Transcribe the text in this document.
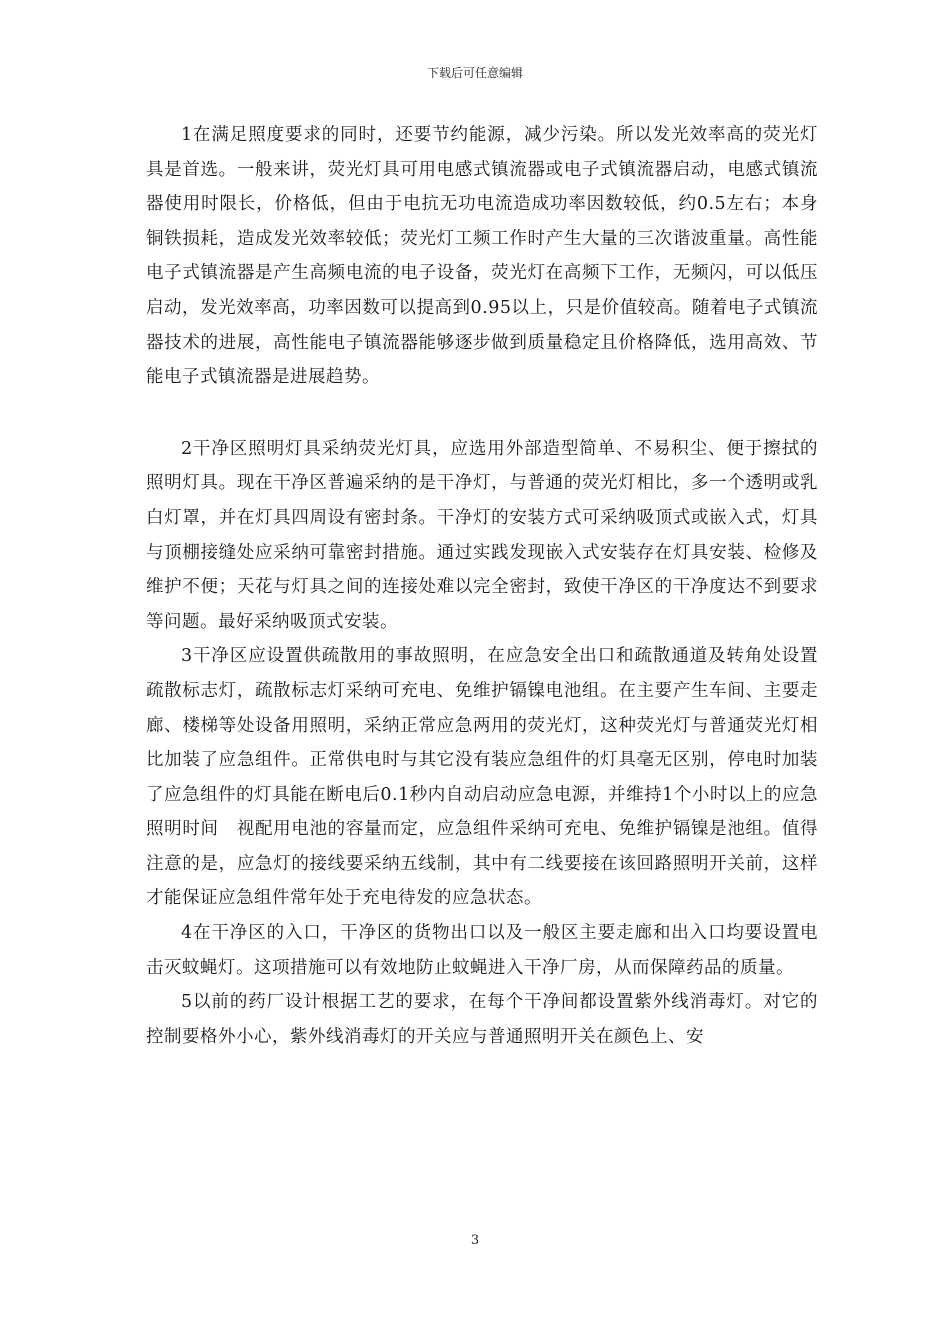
下载后可任意编辑

1在满足照度要求的同时，还要节约能源，减少污染。所以发光效率高的荧光灯具是首选。一般来讲，荧光灯具可用电感式镇流器或电子式镇流器启动，电感式镇流器使用时限长，价格低，但由于电抗无功电流造成功率因数较低，约0.5左右；本身铜铁损耗，造成发光效率较低；荧光灯工频工作时产生大量的三次谐波重量。高性能电子式镇流器是产生高频电流的电子设备，荧光灯在高频下工作，无频闪，可以低压启动，发光效率高，功率因数可以提高到0.95以上，只是价值较高。随着电子式镇流器技术的进展，高性能电子镇流器能够逐步做到质量稳定且价格降低，选用高效、节能电子式镇流器是进展趋势。

2干净区照明灯具采纳荧光灯具，应选用外部造型简单、不易积尘、便于擦拭的照明灯具。现在干净区普遍采纳的是干净灯，与普通的荧光灯相比，多一个透明或乳白灯罩，并在灯具四周设有密封条。干净灯的安装方式可采纳吸顶式或嵌入式，灯具与顶棚接缝处应采纳可靠密封措施。通过实践发现嵌入式安装存在灯具安装、检修及维护不便；天花与灯具之间的连接处难以完全密封，致使干净区的干净度达不到要求等问题。最好采纳吸顶式安装。

3干净区应设置供疏散用的事故照明，在应急安全出口和疏散通道及转角处设置疏散标志灯，疏散标志灯采纳可充电、免维护镉镍电池组。在主要产生车间、主要走廊、楼梯等处设备用照明，采纳正常应急两用的荧光灯，这种荧光灯与普通荧光灯相比加装了应急组件。正常供电时与其它没有装应急组件的灯具毫无区别，停电时加装了应急组件的灯具能在断电后0.1秒内自动启动应急电源，并维持1个小时以上的应急照明时间　视配用电池的容量而定，应急组件采纳可充电、免维护镉镍是池组。值得注意的是，应急灯的接线要采纳五线制，其中有二线要接在该回路照明开关前，这样才能保证应急组件常年处于充电待发的应急状态。

4在干净区的入口，干净区的货物出口以及一般区主要走廊和出入口均要设置电击灭蚊蝇灯。这项措施可以有效地防止蚊蝇进入干净厂房，从而保障药品的质量。

5以前的药厂设计根据工艺的要求，在每个干净间都设置紫外线消毒灯。对它的控制要格外小心，紫外线消毒灯的开关应与普通照明开关在颜色上、安

3
